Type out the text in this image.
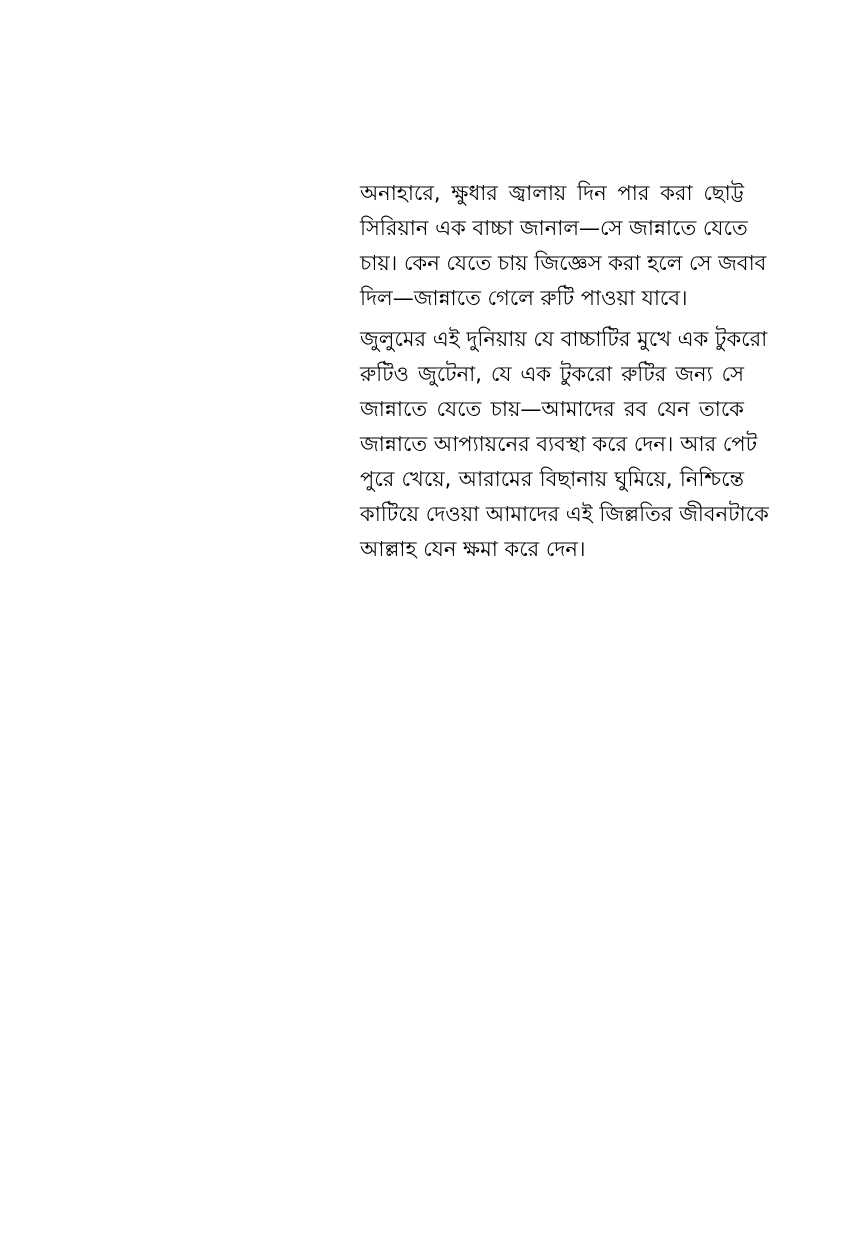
অনাহারে, ক্ষুধার জ্বালায় দিন পার করা ছোট্ট
সিরিয়ান এক বাচ্চা জানাল—সে জান্নাতে যেতে
চায়। কেন যেতে চায় জিজ্ঞেস করা হলে সে জবাব
দিল—জান্নাতে গেলে রুটি পাওয়া যাবে।

জুলুমের এই দুনিয়ায় যে বাচ্চাটির মুখে এক টুকরো
রুটিও জুটেনা, যে এক টুকরো রুটির জন্য সে
জান্নাতে যেতে চায়—আমাদের রব যেন তাকে
জান্নাতে আপ্যায়নের ব্যবস্থা করে দেন। আর পেট
পুরে খেয়ে, আরামের বিছানায় ঘুমিয়ে, নিশ্চিন্তে
কাটিয়ে দেওয়া আমাদের এই জিল্লতির জীবনটাকে
আল্লাহ যেন ক্ষমা করে দেন।
